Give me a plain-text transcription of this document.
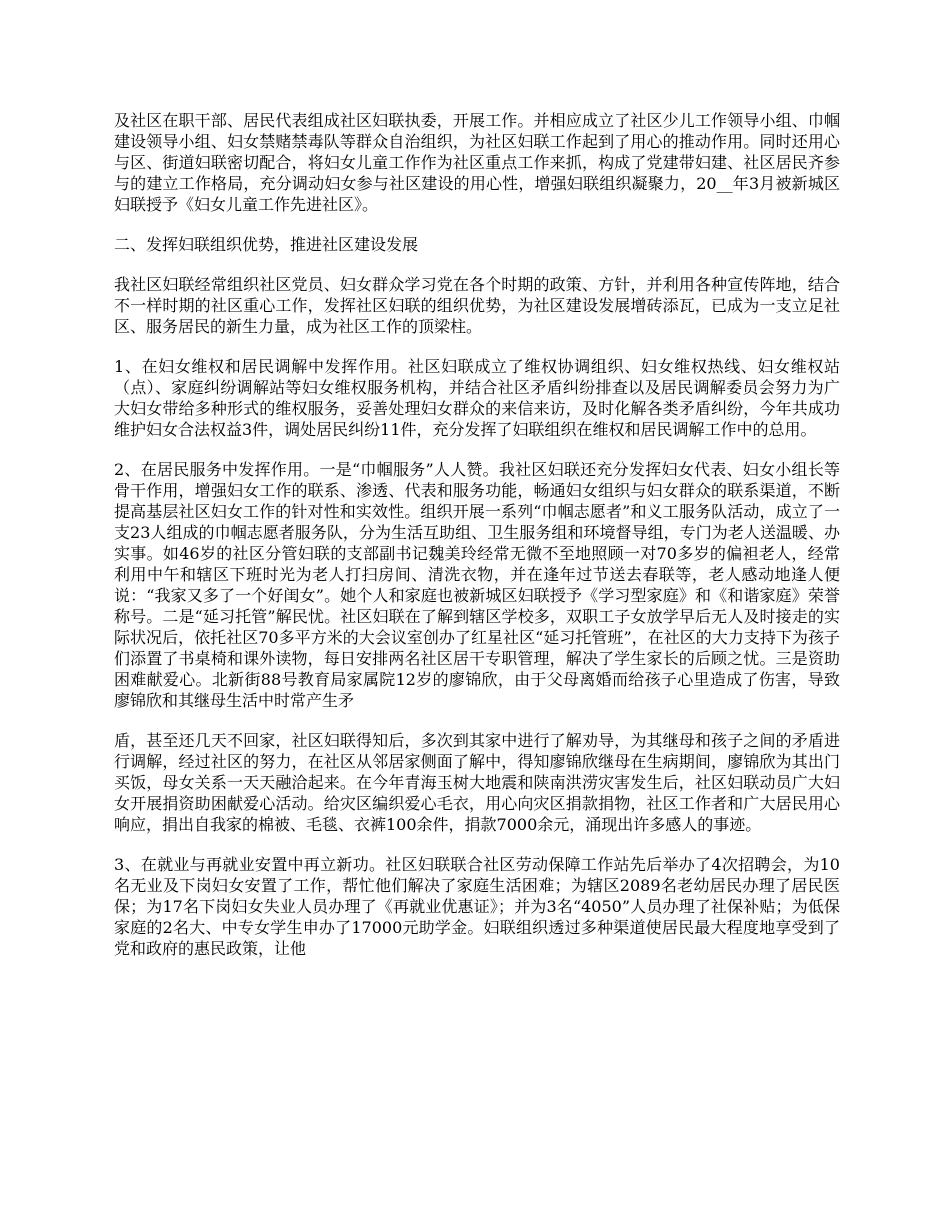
及社区在职干部、居民代表组成社区妇联执委，开展工作。并相应成立了社区少儿工作领导小组、巾帼建设领导小组、妇女禁赌禁毒队等群众自治组织，为社区妇联工作起到了用心的推动作用。同时还用心与区、街道妇联密切配合，将妇女儿童工作作为社区重点工作来抓，构成了党建带妇建、社区居民齐参与的建立工作格局，充分调动妇女参与社区建设的用心性，增强妇联组织凝聚力，20__年3月被新城区妇联授予《妇女儿童工作先进社区》。

二、发挥妇联组织优势，推进社区建设发展

我社区妇联经常组织社区党员、妇女群众学习党在各个时期的政策、方针，并利用各种宣传阵地，结合不一样时期的社区重心工作，发挥社区妇联的组织优势，为社区建设发展增砖添瓦，已成为一支立足社区、服务居民的新生力量，成为社区工作的顶梁柱。

1、在妇女维权和居民调解中发挥作用。社区妇联成立了维权协调组织、妇女维权热线、妇女维权站（点）、家庭纠纷调解站等妇女维权服务机构，并结合社区矛盾纠纷排查以及居民调解委员会努力为广大妇女带给多种形式的维权服务，妥善处理妇女群众的来信来访，及时化解各类矛盾纠纷，今年共成功维护妇女合法权益3件，调处居民纠纷11件，充分发挥了妇联组织在维权和居民调解工作中的总用。

2、在居民服务中发挥作用。一是“巾帼服务”人人赞。我社区妇联还充分发挥妇女代表、妇女小组长等骨干作用，增强妇女工作的联系、渗透、代表和服务功能，畅通妇女组织与妇女群众的联系渠道，不断提高基层社区妇女工作的针对性和实效性。组织开展一系列“巾帼志愿者”和义工服务队活动，成立了一支23人组成的巾帼志愿者服务队，分为生活互助组、卫生服务组和环境督导组，专门为老人送温暖、办实事。如46岁的社区分管妇联的支部副书记魏美玲经常无微不至地照顾一对70多岁的偏袒老人，经常利用中午和辖区下班时光为老人打扫房间、清洗衣物，并在逢年过节送去春联等，老人感动地逢人便说：“我家又多了一个好闺女”。她个人和家庭也被新城区妇联授予《学习型家庭》和《和谐家庭》荣誉称号。二是“延习托管”解民忧。社区妇联在了解到辖区学校多，双职工子女放学早后无人及时接走的实际状况后，依托社区70多平方米的大会议室创办了红星社区“延习托管班”，在社区的大力支持下为孩子们添置了书桌椅和课外读物，每日安排两名社区居干专职管理，解决了学生家长的后顾之忧。三是资助困难献爱心。北新街88号教育局家属院12岁的廖锦欣，由于父母离婚而给孩子心里造成了伤害，导致廖锦欣和其继母生活中时常产生矛

盾，甚至还几天不回家，社区妇联得知后，多次到其家中进行了解劝导，为其继母和孩子之间的矛盾进行调解，经过社区的努力，在社区从邻居家侧面了解中，得知廖锦欣继母在生病期间，廖锦欣为其出门买饭，母女关系一天天融洽起来。在今年青海玉树大地震和陕南洪涝灾害发生后，社区妇联动员广大妇女开展捐资助困献爱心活动。给灾区编织爱心毛衣，用心向灾区捐款捐物，社区工作者和广大居民用心响应，捐出自我家的棉被、毛毯、衣裤100余件，捐款7000余元，涌现出许多感人的事迹。

3、在就业与再就业安置中再立新功。社区妇联联合社区劳动保障工作站先后举办了4次招聘会，为10名无业及下岗妇女安置了工作，帮忙他们解决了家庭生活困难；为辖区2089名老幼居民办理了居民医保；为17名下岗妇女失业人员办理了《再就业优惠证》；并为3名“4050”人员办理了社保补贴；为低保家庭的2名大、中专女学生申办了17000元助学金。妇联组织透过多种渠道使居民最大程度地享受到了党和政府的惠民政策，让他
